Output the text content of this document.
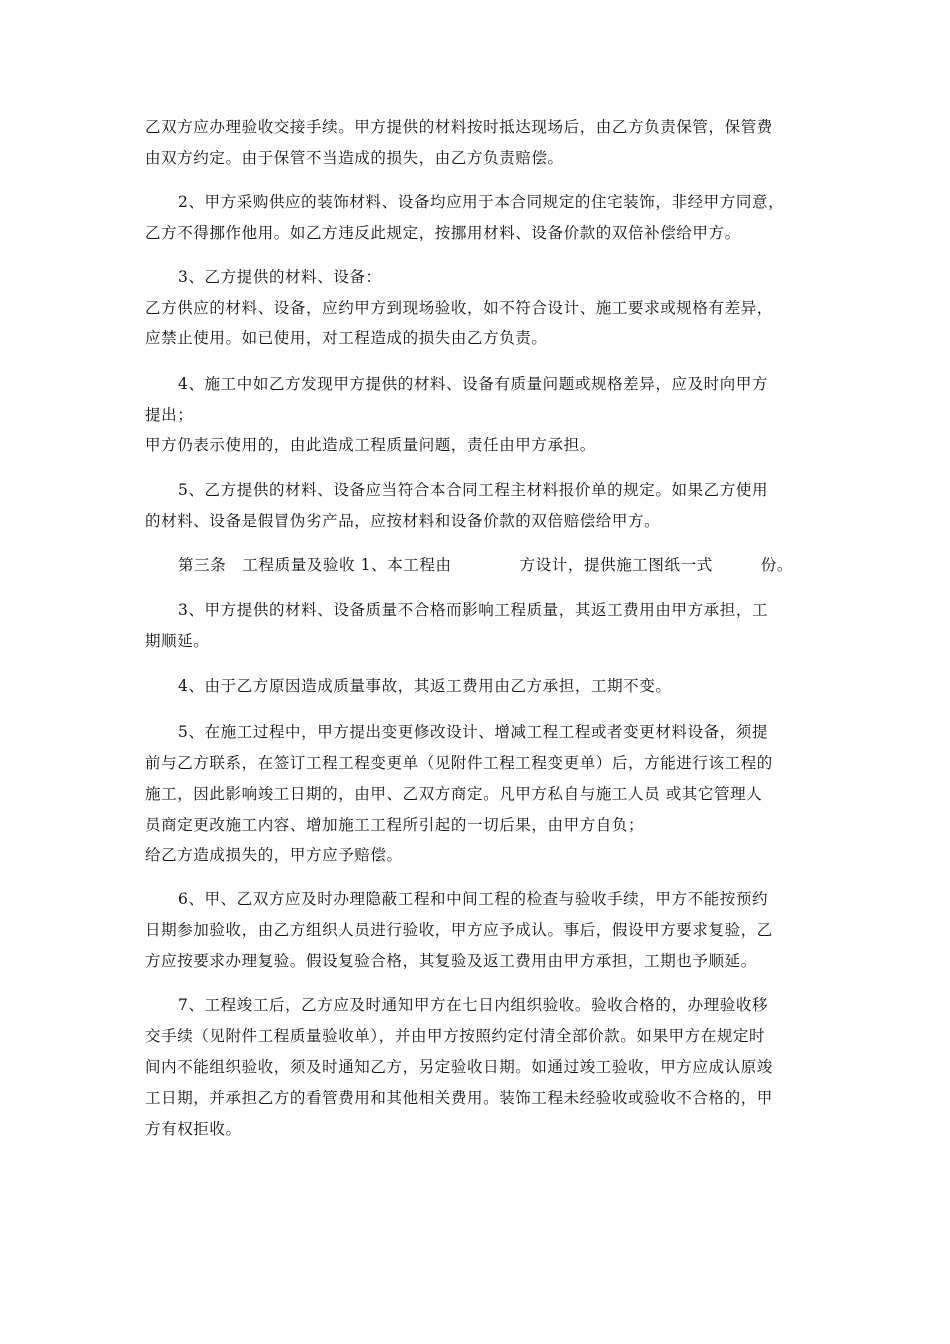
乙双方应办理验收交接手续。甲方提供的材料按时抵达现场后，由乙方负责保管，保管费
由双方约定。由于保管不当造成的损失，由乙方负责赔偿。
2、甲方采购供应的装饰材料、设备均应用于本合同规定的住宅装饰，非经甲方同意，
乙方不得挪作他用。如乙方违反此规定，按挪用材料、设备价款的双倍补偿给甲方。
3、乙方提供的材料、设备：
乙方供应的材料、设备，应约甲方到现场验收，如不符合设计、施工要求或规格有差异，
应禁止使用。如已使用，对工程造成的损失由乙方负责。
4、施工中如乙方发现甲方提供的材料、设备有质量问题或规格差异，应及时向甲方
提出；
甲方仍表示使用的，由此造成工程质量问题，责任由甲方承担。
5、乙方提供的材料、设备应当符合本合同工程主材料报价单的规定。如果乙方使用
的材料、设备是假冒伪劣产品，应按材料和设备价款的双倍赔偿给甲方。
第三条　工程质量及验收 1、本工程由	方设计，提供施工图纸一式	份。
3、甲方提供的材料、设备质量不合格而影响工程质量，其返工费用由甲方承担，工
期顺延。
4、由于乙方原因造成质量事故，其返工费用由乙方承担，工期不变。
5、在施工过程中，甲方提出变更修改设计、增减工程工程或者变更材料设备，须提
前与乙方联系，在签订工程工程变更单（见附件工程工程变更单）后，方能进行该工程的
施工，因此影响竣工日期的，由甲、乙双方商定。凡甲方私自与施工人员 或其它管理人
员商定更改施工内容、增加施工工程所引起的一切后果，由甲方自负；
给乙方造成损失的，甲方应予赔偿。
6、甲、乙双方应及时办理隐蔽工程和中间工程的检查与验收手续，甲方不能按预约
日期参加验收，由乙方组织人员进行验收，甲方应予成认。事后，假设甲方要求复验，乙
方应按要求办理复验。假设复验合格，其复验及返工费用由甲方承担，工期也予顺延。
7、工程竣工后，乙方应及时通知甲方在七日内组织验收。验收合格的，办理验收移
交手续（见附件工程质量验收单），并由甲方按照约定付清全部价款。如果甲方在规定时
间内不能组织验收，须及时通知乙方，另定验收日期。如通过竣工验收，甲方应成认原竣
工日期，并承担乙方的看管费用和其他相关费用。装饰工程未经验收或验收不合格的，甲
方有权拒收。
